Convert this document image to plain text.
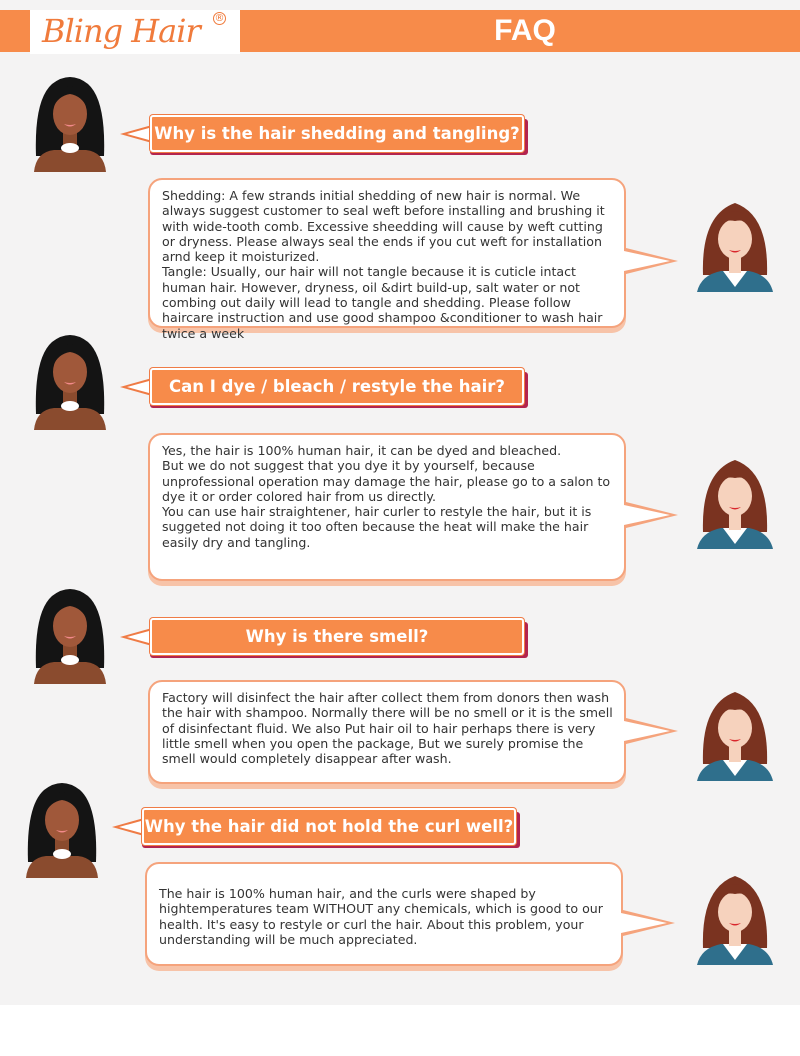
Bling Hair ®	FAQ
Why is the hair shedding and tangling?
Shedding: A few strands initial shedding of new hair is normal. We always suggest customer to seal weft before installing and brushing it with wide-tooth comb. Excessive sheedding will cause by weft cutting or dryness. Please always seal the ends if you cut weft for installation arnd keep it moisturized.
Tangle: Usually, our hair will not tangle because it is cuticle intact human hair. However, dryness, oil &dirt build-up, salt water or not combing out daily will lead to tangle and shedding. Please follow haircare instruction and use good shampoo &conditioner to wash hair twice a week
Can I dye / bleach / restyle the hair?
Yes, the hair is 100% human hair, it can be dyed and bleached.
But we do not suggest that you dye it by yourself, because unprofessional operation may damage the hair, please go to a salon to dye it or order colored hair from us directly.
You can use hair straightener, hair curler to restyle the hair, but it is suggeted not doing it too often because the heat will make the hair easily dry and tangling.
Why is there smell?
Factory will disinfect the hair after collect them from donors then wash the hair with shampoo. Normally there will be no smell or it is the smell of disinfectant fluid. We also Put hair oil to hair perhaps there is very little smell when you open the package, But we surely promise the smell would completely disappear after wash.
Why the hair did not hold the curl well?
The hair is 100% human hair, and the curls were shaped by hightemperatures team WITHOUT any chemicals, which is good to our health. It's easy to restyle or curl the hair. About this problem, your understanding will be much appreciated.
